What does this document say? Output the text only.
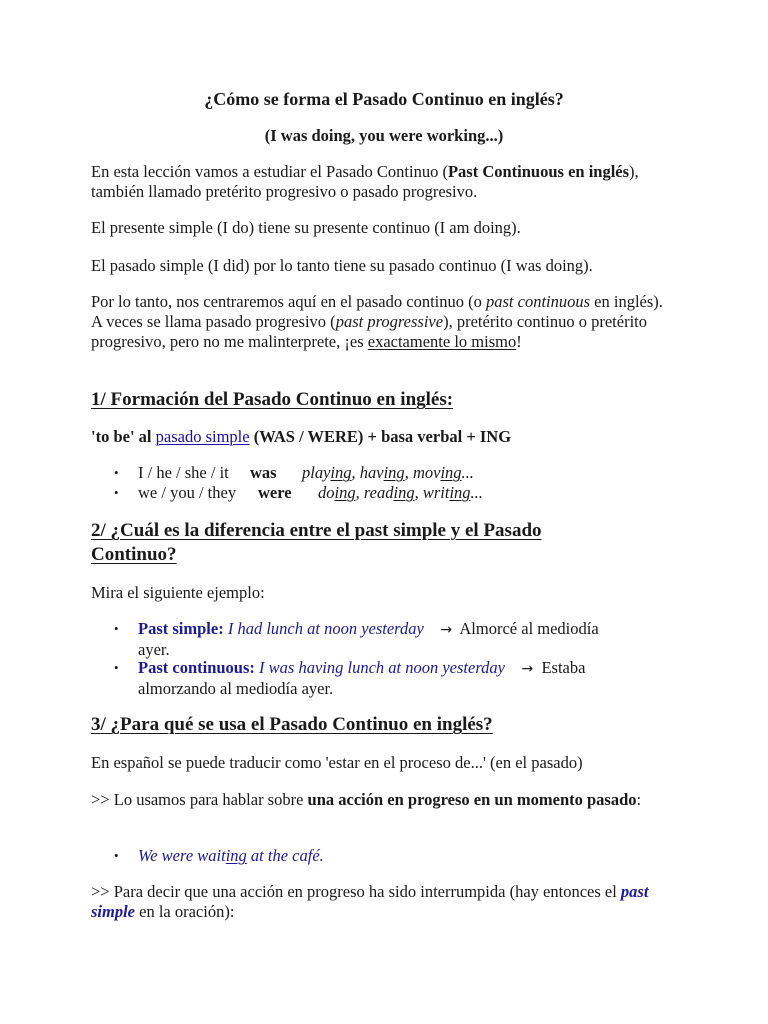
¿Cómo se forma el Pasado Continuo en inglés?

(I was doing, you were working...)

En esta lección vamos a estudiar el Pasado Continuo (Past Continuous en inglés), también llamado pretérito progresivo o pasado progresivo.

El presente simple (I do) tiene su presente continuo (I am doing).

El pasado simple (I did) por lo tanto tiene su pasado continuo (I was doing).

Por lo tanto, nos centraremos aquí en el pasado continuo (o past continuous en inglés). A veces se llama pasado progresivo (past progressive), pretérito continuo o pretérito progresivo, pero no me malinterprete, ¡es exactamente lo mismo!

1/ Formación del Pasado Continuo en inglés:

'to be' al pasado simple (WAS / WERE) + basa verbal + ING

• I / he / she / it was playing, having, moving...

• we / you / they were doing, reading, writing...

2/ ¿Cuál es la diferencia entre el past simple y el Pasado
Continuo?

Mira el siguiente ejemplo:

• Past simple: I had lunch at noon yesterday → Almorcé al mediodía
ayer.

• Past continuous: I was having lunch at noon yesterday → Estaba
almorzando al mediodía ayer.

3/ ¿Para qué se usa el Pasado Continuo en inglés?

En español se puede traducir como 'estar en el proceso de...' (en el pasado)

>> Lo usamos para hablar sobre una acción en progreso en un momento pasado:

• We were waiting at the café.

>> Para decir que una acción en progreso ha sido interrumpida (hay entonces el past simple en la oración):
